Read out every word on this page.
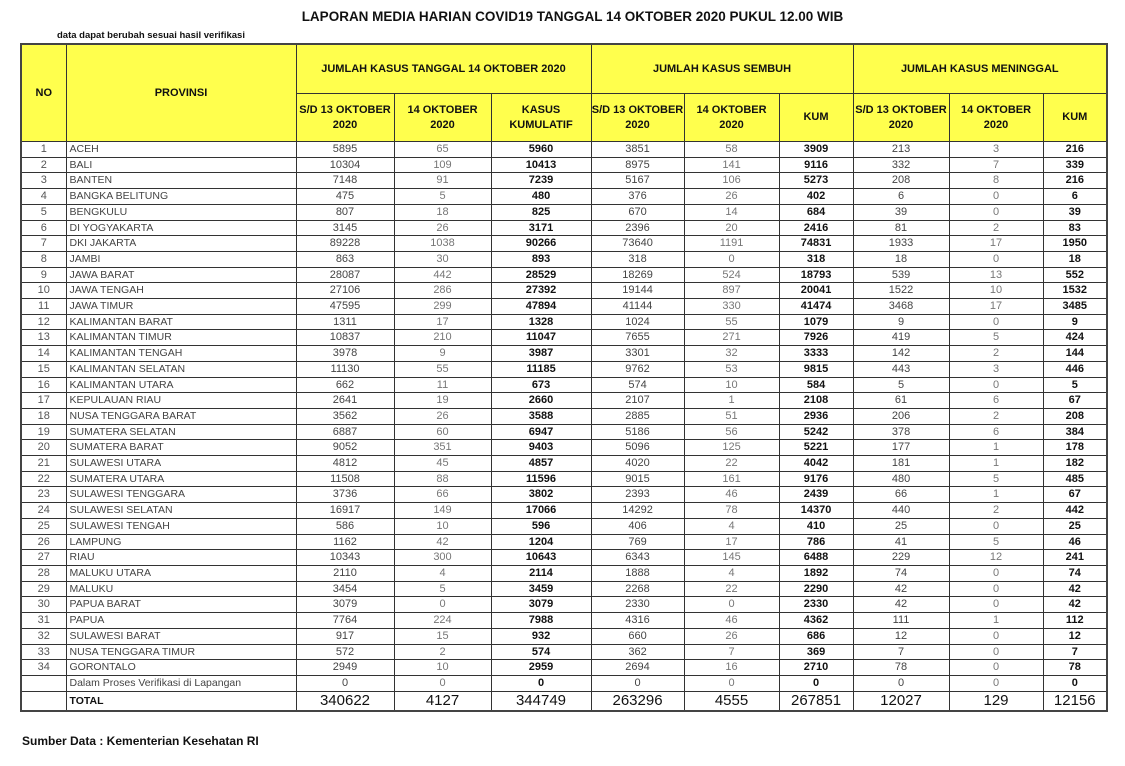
LAPORAN MEDIA HARIAN COVID19 TANGGAL 14 OKTOBER 2020 PUKUL 12.00 WIB
data dapat berubah sesuai hasil verifikasi
NO	PROVINSI	JUMLAH KASUS TANGGAL 14 OKTOBER 2020			JUMLAH KASUS SEMBUH			JUMLAH KASUS MENINGGAL		
		S/D 13 OKTOBER 2020	14 OKTOBER 2020	KASUS KUMULATIF	S/D 13 OKTOBER 2020	14 OKTOBER 2020	KUM	S/D 13 OKTOBER 2020	14 OKTOBER 2020	KUM
1	ACEH	5895	65	5960	3851	58	3909	213	3	216
2	BALI	10304	109	10413	8975	141	9116	332	7	339
3	BANTEN	7148	91	7239	5167	106	5273	208	8	216
4	BANGKA BELITUNG	475	5	480	376	26	402	6	0	6
5	BENGKULU	807	18	825	670	14	684	39	0	39
6	DI YOGYAKARTA	3145	26	3171	2396	20	2416	81	2	83
7	DKI JAKARTA	89228	1038	90266	73640	1191	74831	1933	17	1950
8	JAMBI	863	30	893	318	0	318	18	0	18
9	JAWA BARAT	28087	442	28529	18269	524	18793	539	13	552
10	JAWA TENGAH	27106	286	27392	19144	897	20041	1522	10	1532
11	JAWA TIMUR	47595	299	47894	41144	330	41474	3468	17	3485
12	KALIMANTAN BARAT	1311	17	1328	1024	55	1079	9	0	9
13	KALIMANTAN TIMUR	10837	210	11047	7655	271	7926	419	5	424
14	KALIMANTAN TENGAH	3978	9	3987	3301	32	3333	142	2	144
15	KALIMANTAN SELATAN	11130	55	11185	9762	53	9815	443	3	446
16	KALIMANTAN UTARA	662	11	673	574	10	584	5	0	5
17	KEPULAUAN RIAU	2641	19	2660	2107	1	2108	61	6	67
18	NUSA TENGGARA BARAT	3562	26	3588	2885	51	2936	206	2	208
19	SUMATERA SELATAN	6887	60	6947	5186	56	5242	378	6	384
20	SUMATERA BARAT	9052	351	9403	5096	125	5221	177	1	178
21	SULAWESI UTARA	4812	45	4857	4020	22	4042	181	1	182
22	SUMATERA UTARA	11508	88	11596	9015	161	9176	480	5	485
23	SULAWESI TENGGARA	3736	66	3802	2393	46	2439	66	1	67
24	SULAWESI SELATAN	16917	149	17066	14292	78	14370	440	2	442
25	SULAWESI TENGAH	586	10	596	406	4	410	25	0	25
26	LAMPUNG	1162	42	1204	769	17	786	41	5	46
27	RIAU	10343	300	10643	6343	145	6488	229	12	241
28	MALUKU UTARA	2110	4	2114	1888	4	1892	74	0	74
29	MALUKU	3454	5	3459	2268	22	2290	42	0	42
30	PAPUA BARAT	3079	0	3079	2330	0	2330	42	0	42
31	PAPUA	7764	224	7988	4316	46	4362	111	1	112
32	SULAWESI BARAT	917	15	932	660	26	686	12	0	12
33	NUSA TENGGARA TIMUR	572	2	574	362	7	369	7	0	7
34	GORONTALO	2949	10	2959	2694	16	2710	78	0	78
	Dalam Proses Verifikasi di Lapangan	0	0	0	0	0	0	0	0	0
	TOTAL	340622	4127	344749	263296	4555	267851	12027	129	12156
Sumber Data : Kementerian Kesehatan RI
